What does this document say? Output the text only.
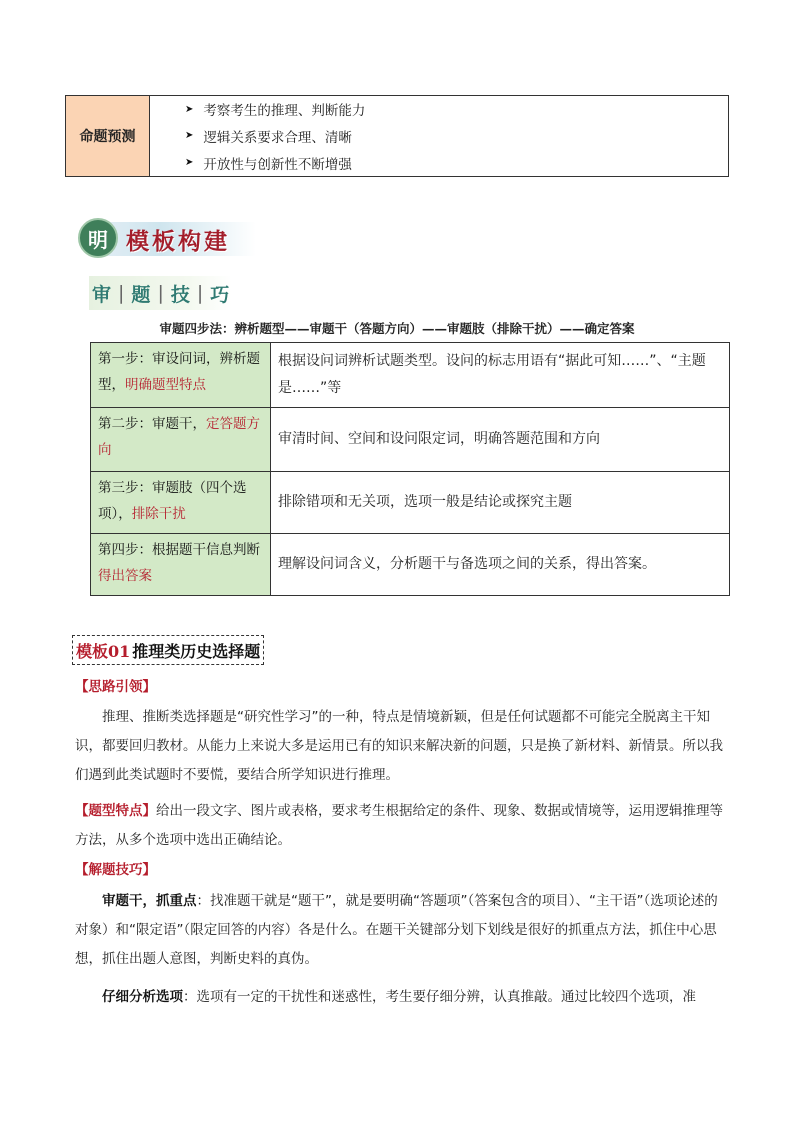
命题预测
➤ 考察考生的推理、判断能力
➤ 逻辑关系要求合理、清晰
➤ 开放性与创新性不断增强
明 模板构建
审 | 题 | 技 | 巧
审题四步法：辨析题型——审题干（答题方向）——审题肢（排除干扰）——确定答案
第一步：审设问词，辨析题型，明确题型特点
根据设问词辨析试题类型。设问的标志用语有“据此可知……”、“主题是……”等
第二步：审题干，定答题方向
审清时间、空间和设问限定词，明确答题范围和方向
第三步：审题肢（四个选项），排除干扰
排除错项和无关项，选项一般是结论或探究主题
第四步：根据题干信息判断得出答案
理解设问词含义，分析题干与备选项之间的关系，得出答案。
模板01 推理类历史选择题
【思路引领】
推理、推断类选择题是“研究性学习”的一种，特点是情境新颖，但是任何试题都不可能完全脱离主干知识，都要回归教材。从能力上来说大多是运用已有的知识来解决新的问题，只是换了新材料、新情景。所以我们遇到此类试题时不要慌，要结合所学知识进行推理。
【题型特点】给出一段文字、图片或表格，要求考生根据给定的条件、现象、数据或情境等，运用逻辑推理等方法，从多个选项中选出正确结论。
【解题技巧】
审题干，抓重点：找准题干就是“题干”，就是要明确“答题项”（答案包含的项目）、“主干语”（选项论述的对象）和“限定语”（限定回答的内容）各是什么。在题干关键部分划下划线是很好的抓重点方法，抓住中心思想，抓住出题人意图，判断史料的真伪。
仔细分析选项：选项有一定的干扰性和迷惑性，考生要仔细分辨，认真推敲。通过比较四个选项，准
